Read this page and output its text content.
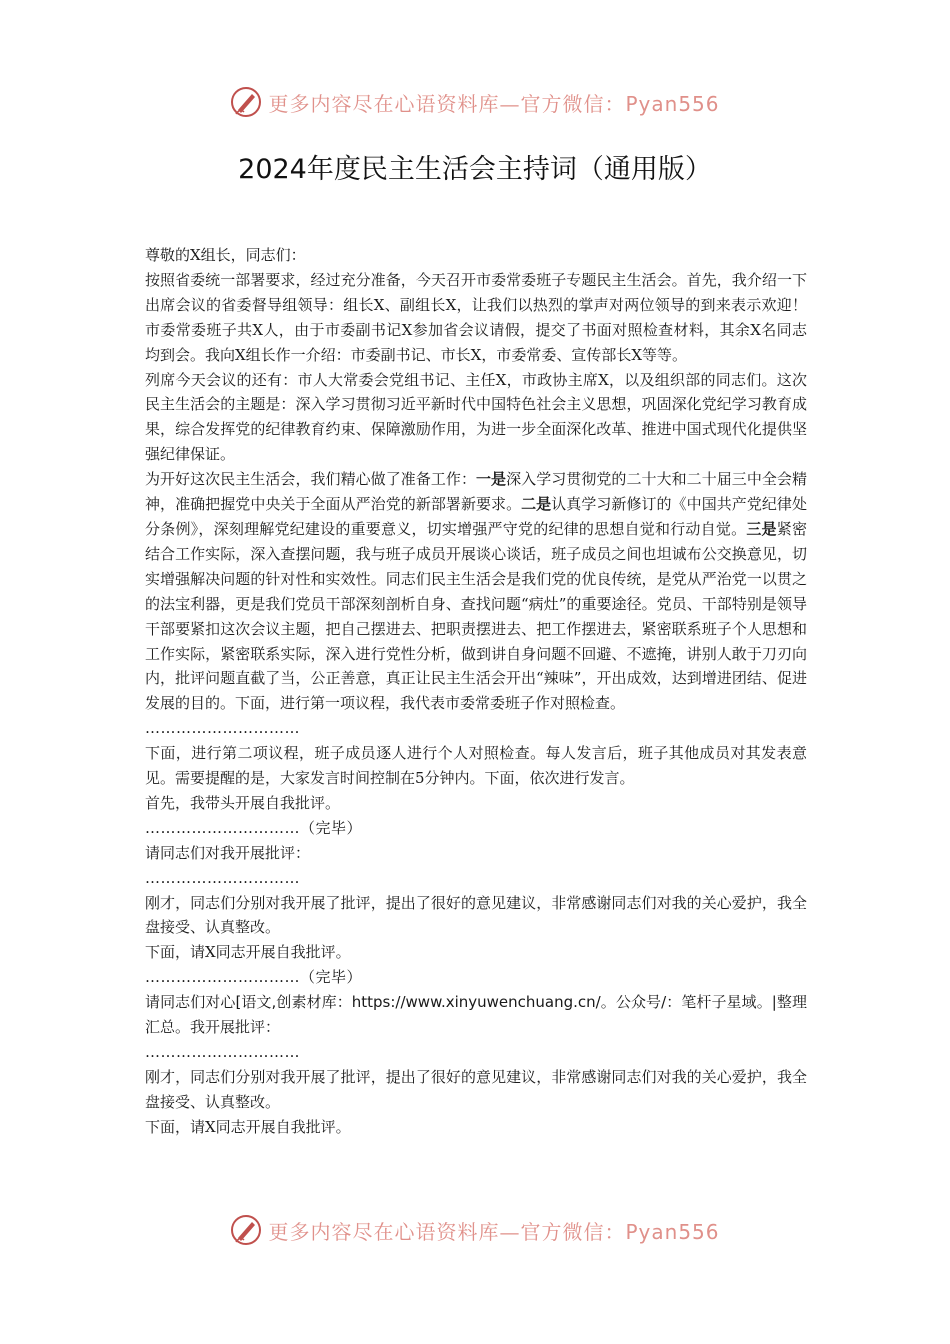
更多内容尽在心语资料库—官方微信：Pyan556
2024年度民主生活会主持词（通用版）

尊敬的X组长，同志们：

按照省委统一部署要求，经过充分准备，今天召开市委常委班子专题民主生活会。首先，我介绍一下出席会议的省委督导组领导：组长X、副组长X，让我们以热烈的掌声对两位领导的到来表示欢迎！市委常委班子共X人，由于市委副书记X参加省会议请假，提交了书面对照检查材料，其余X名同志均到会。我向X组长作一介绍：市委副书记、市长X，市委常委、宣传部长X等等。

列席今天会议的还有：市人大常委会党组书记、主任X，市政协主席X，以及组织部的同志们。这次民主生活会的主题是：深入学习贯彻习近平新时代中国特色社会主义思想，巩固深化党纪学习教育成果，综合发挥党的纪律教育约束、保障激励作用，为进一步全面深化改革、推进中国式现代化提供坚强纪律保证。

为开好这次民主生活会，我们精心做了准备工作：一是深入学习贯彻党的二十大和二十届三中全会精神，准确把握党中央关于全面从严治党的新部署新要求。二是认真学习新修订的《中国共产党纪律处分条例》，深刻理解党纪建设的重要意义，切实增强严守党的纪律的思想自觉和行动自觉。三是紧密结合工作实际，深入查摆问题，我与班子成员开展谈心谈话，班子成员之间也坦诚布公交换意见，切实增强解决问题的针对性和实效性。同志们民主生活会是我们党的优良传统，是党从严治党一以贯之的法宝利器，更是我们党员干部深刻剖析自身、查找问题“病灶”的重要途径。党员、干部特别是领导干部要紧扣这次会议主题，把自己摆进去、把职责摆进去、把工作摆进去，紧密联系班子个人思想和工作实际，紧密联系实际，深入进行党性分析，做到讲自身问题不回避、不遮掩，讲别人敢于刀刃向内，批评问题直截了当，公正善意，真正让民主生活会开出“辣味”，开出成效，达到增进团结、促进发展的目的。下面，进行第一项议程，我代表市委常委班子作对照检查。

…………………………

下面，进行第二项议程，班子成员逐人进行个人对照检查。每人发言后，班子其他成员对其发表意见。需要提醒的是，大家发言时间控制在5分钟内。下面，依次进行发言。

首先，我带头开展自我批评。

…………………………（完毕）

请同志们对我开展批评：

…………………………

刚才，同志们分别对我开展了批评，提出了很好的意见建议，非常感谢同志们对我的关心爱护，我全盘接受、认真整改。

下面，请X同志开展自我批评。

…………………………（完毕）

请同志们对心[语文,创素材库：https://www.xinyuwenchuang.cn/。公众号/：笔杆子星域。|整理汇总。我开展批评：

…………………………

刚才，同志们分别对我开展了批评，提出了很好的意见建议，非常感谢同志们对我的关心爱护，我全盘接受、认真整改。

下面，请X同志开展自我批评。

更多内容尽在心语资料库—官方微信：Pyan556
